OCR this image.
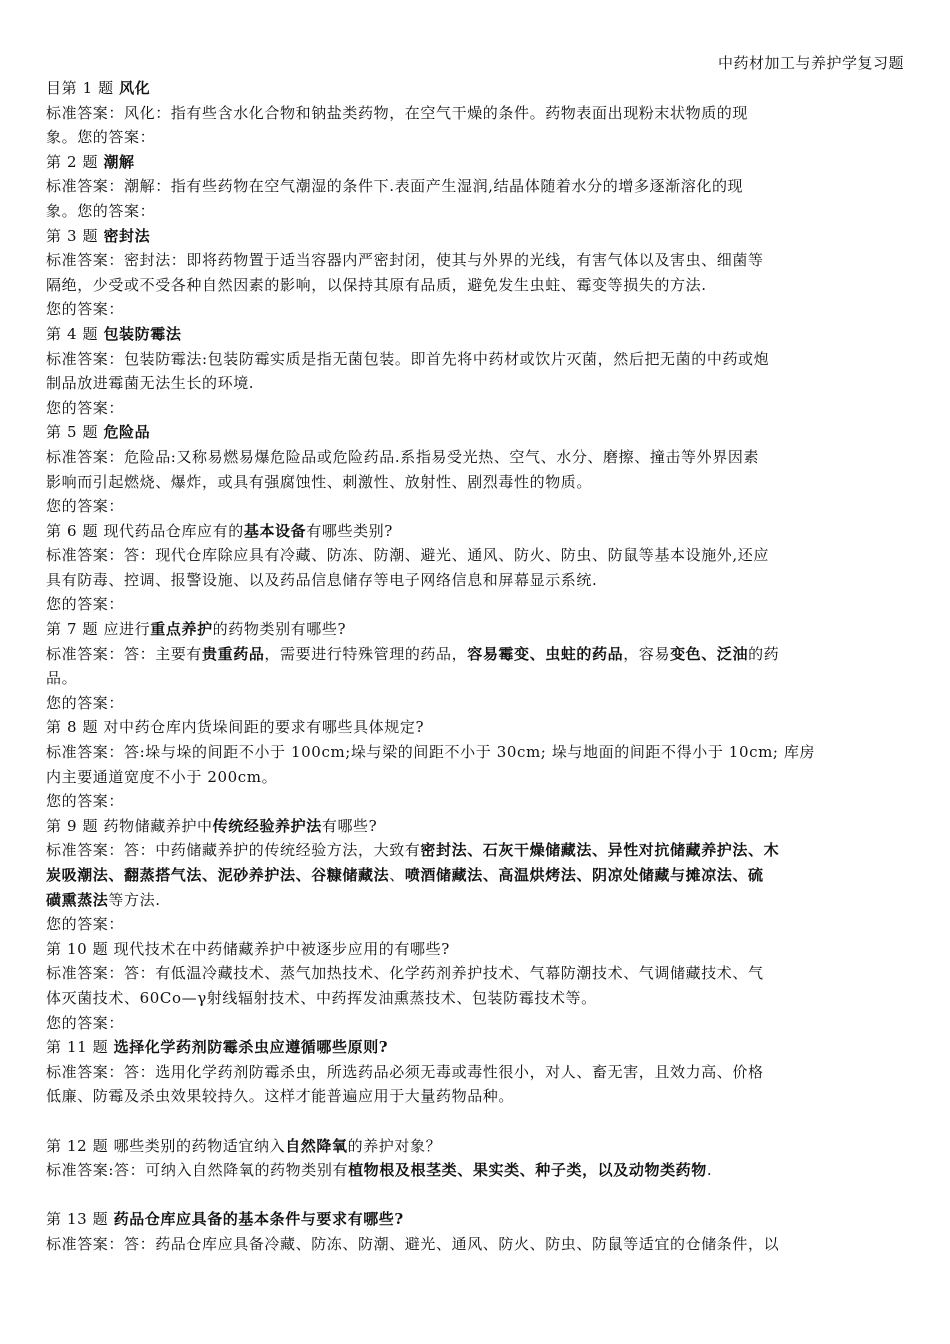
中药材加工与养护学复习题
目第 1 题 风化
标准答案：风化：指有些含水化合物和钠盐类药物，在空气干燥的条件。药物表面出现粉末状物质的现
象。您的答案：
第 2 题 潮解
标准答案：潮解：指有些药物在空气潮湿的条件下.表面产生湿润,结晶体随着水分的增多逐渐溶化的现
象。您的答案：
第 3 题 密封法
标准答案：密封法：即将药物置于适当容器内严密封闭，使其与外界的光线，有害气体以及害虫、细菌等
隔绝，少受或不受各种自然因素的影响，以保持其原有品质，避免发生虫蛀、霉变等损失的方法.
您的答案：
第 4 题 包装防霉法
标准答案：包装防霉法:包装防霉实质是指无菌包装。即首先将中药材或饮片灭菌，然后把无菌的中药或炮
制品放进霉菌无法生长的环境.
您的答案：
第 5 题 危险品
标准答案：危险品:又称易燃易爆危险品或危险药品.系指易受光热、空气、水分、磨擦、撞击等外界因素
影响而引起燃烧、爆炸，或具有强腐蚀性、刺激性、放射性、剧烈毒性的物质。
您的答案：
第 6 题 现代药品仓库应有的基本设备有哪些类别?
标准答案：答：现代仓库除应具有冷藏、防冻、防潮、避光、通风、防火、防虫、防鼠等基本设施外,还应
具有防毒、控调、报警设施、以及药品信息储存等电子网络信息和屏幕显示系统.
您的答案：
第 7 题 应进行重点养护的药物类别有哪些?
标准答案：答：主要有贵重药品，需要进行特殊管理的药品，容易霉变、虫蛀的药品，容易变色、泛油的药
品。
您的答案：
第 8 题 对中药仓库内货垛间距的要求有哪些具体规定?
标准答案：答:垛与垛的间距不小于 100cm;垛与梁的间距不小于 30cm; 垛与地面的间距不得小于 10cm; 库房
内主要通道宽度不小于 200cm。
您的答案：
第 9 题 药物储藏养护中传统经验养护法有哪些?
标准答案：答：中药储藏养护的传统经验方法，大致有密封法、石灰干燥储藏法、异性对抗储藏养护法、木
炭吸潮法、翻蒸搭气法、泥砂养护法、谷糠储藏法、喷酒储藏法、高温烘烤法、阴凉处储藏与摊凉法、硫
磺熏蒸法等方法.
您的答案：
第 10 题 现代技术在中药储藏养护中被逐步应用的有哪些?
标准答案：答：有低温冷藏技术、蒸气加热技术、化学药剂养护技术、气幕防潮技术、气调储藏技术、气
体灭菌技术、60Co—γ射线辐射技术、中药挥发油熏蒸技术、包装防霉技术等。
您的答案：
第 11 题 选择化学药剂防霉杀虫应遵循哪些原则?
标准答案：答：选用化学药剂防霉杀虫，所选药品必须无毒或毒性很小，对人、畜无害，且效力高、价格
低廉、防霉及杀虫效果较持久。这样才能普遍应用于大量药物品种。
第 12 题 哪些类别的药物适宜纳入自然降氧的养护对象？
标准答案:答：可纳入自然降氧的药物类别有植物根及根茎类、果实类、种子类，以及动物类药物.
第 13 题 药品仓库应具备的基本条件与要求有哪些?
标准答案：答：药品仓库应具备冷藏、防冻、防潮、避光、通风、防火、防虫、防鼠等适宜的仓储条件，以
